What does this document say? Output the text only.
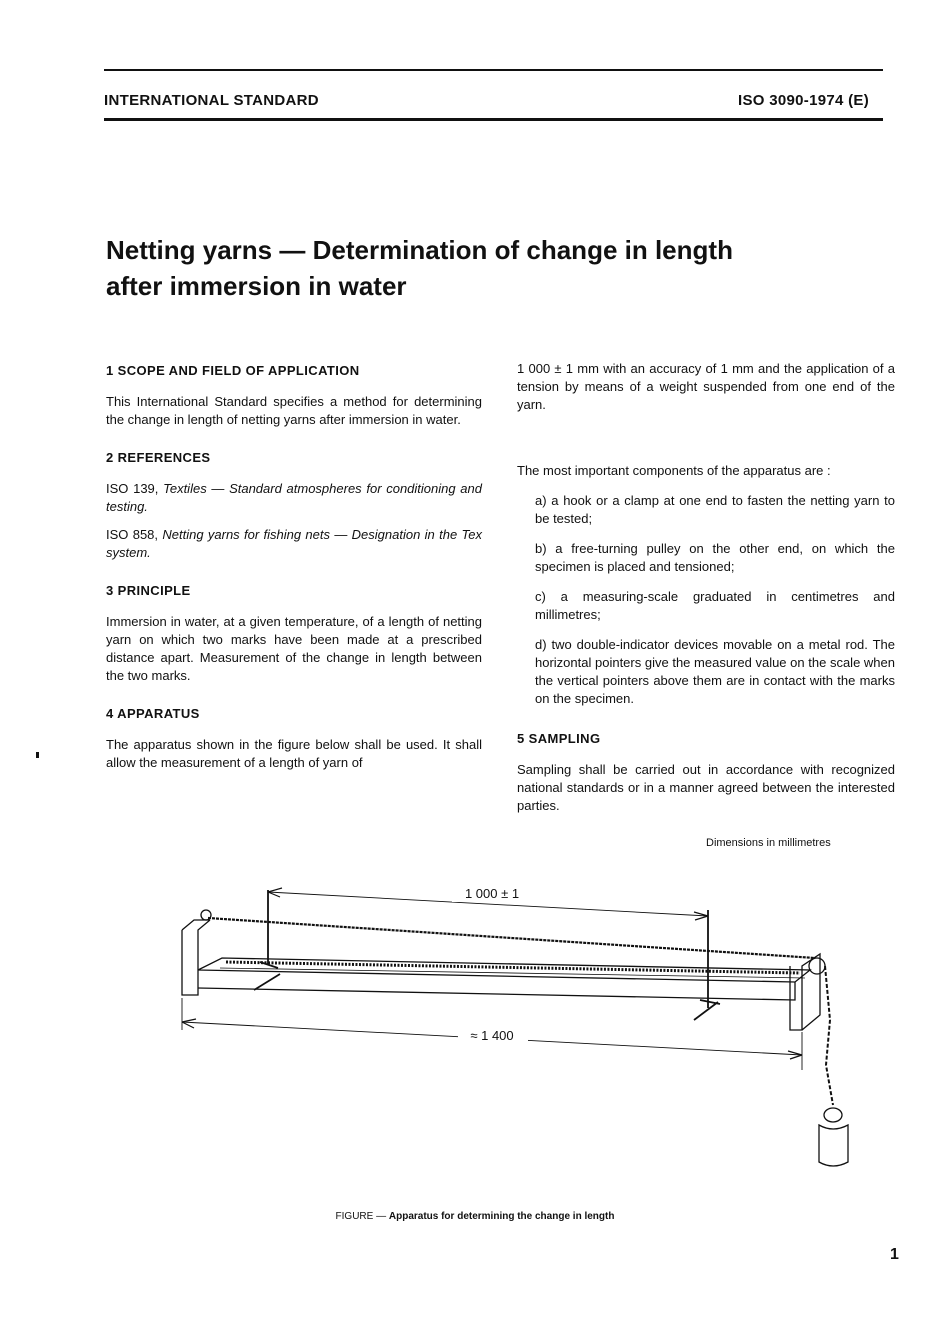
INTERNATIONAL STANDARD	ISO 3090-1974 (E)
Netting yarns — Determination of change in length
after immersion in water
1 SCOPE AND FIELD OF APPLICATION

This International Standard specifies a method for determining the change in length of netting yarns after immersion in water.

2 REFERENCES

ISO 139, Textiles — Standard atmospheres for conditioning and testing.

ISO 858, Netting yarns for fishing nets — Designation in the Tex system.

3 PRINCIPLE

Immersion in water, at a given temperature, of a length of netting yarn on which two marks have been made at a prescribed distance apart. Measurement of the change in length between the two marks.

4 APPARATUS

The apparatus shown in the figure below shall be used. It shall allow the measurement of a length of yarn of

1 000 ± 1 mm with an accuracy of 1 mm and the application of a tension by means of a weight suspended from one end of the yarn.

The most important components of the apparatus are :

a) a hook or a clamp at one end to fasten the netting yarn to be tested;

b) a free-turning pulley on the other end, on which the specimen is placed and tensioned;

c) a measuring-scale graduated in centimetres and millimetres;

d) two double-indicator devices movable on a metal rod. The horizontal pointers give the measured value on the scale when the vertical pointers above them are in contact with the marks on the specimen.

5 SAMPLING

Sampling shall be carried out in accordance with recognized national standards or in a manner agreed between the interested parties.

Dimensions in millimetres
1 000 ± 1
≈ 1 400
FIGURE — Apparatus for determining the change in length
1
